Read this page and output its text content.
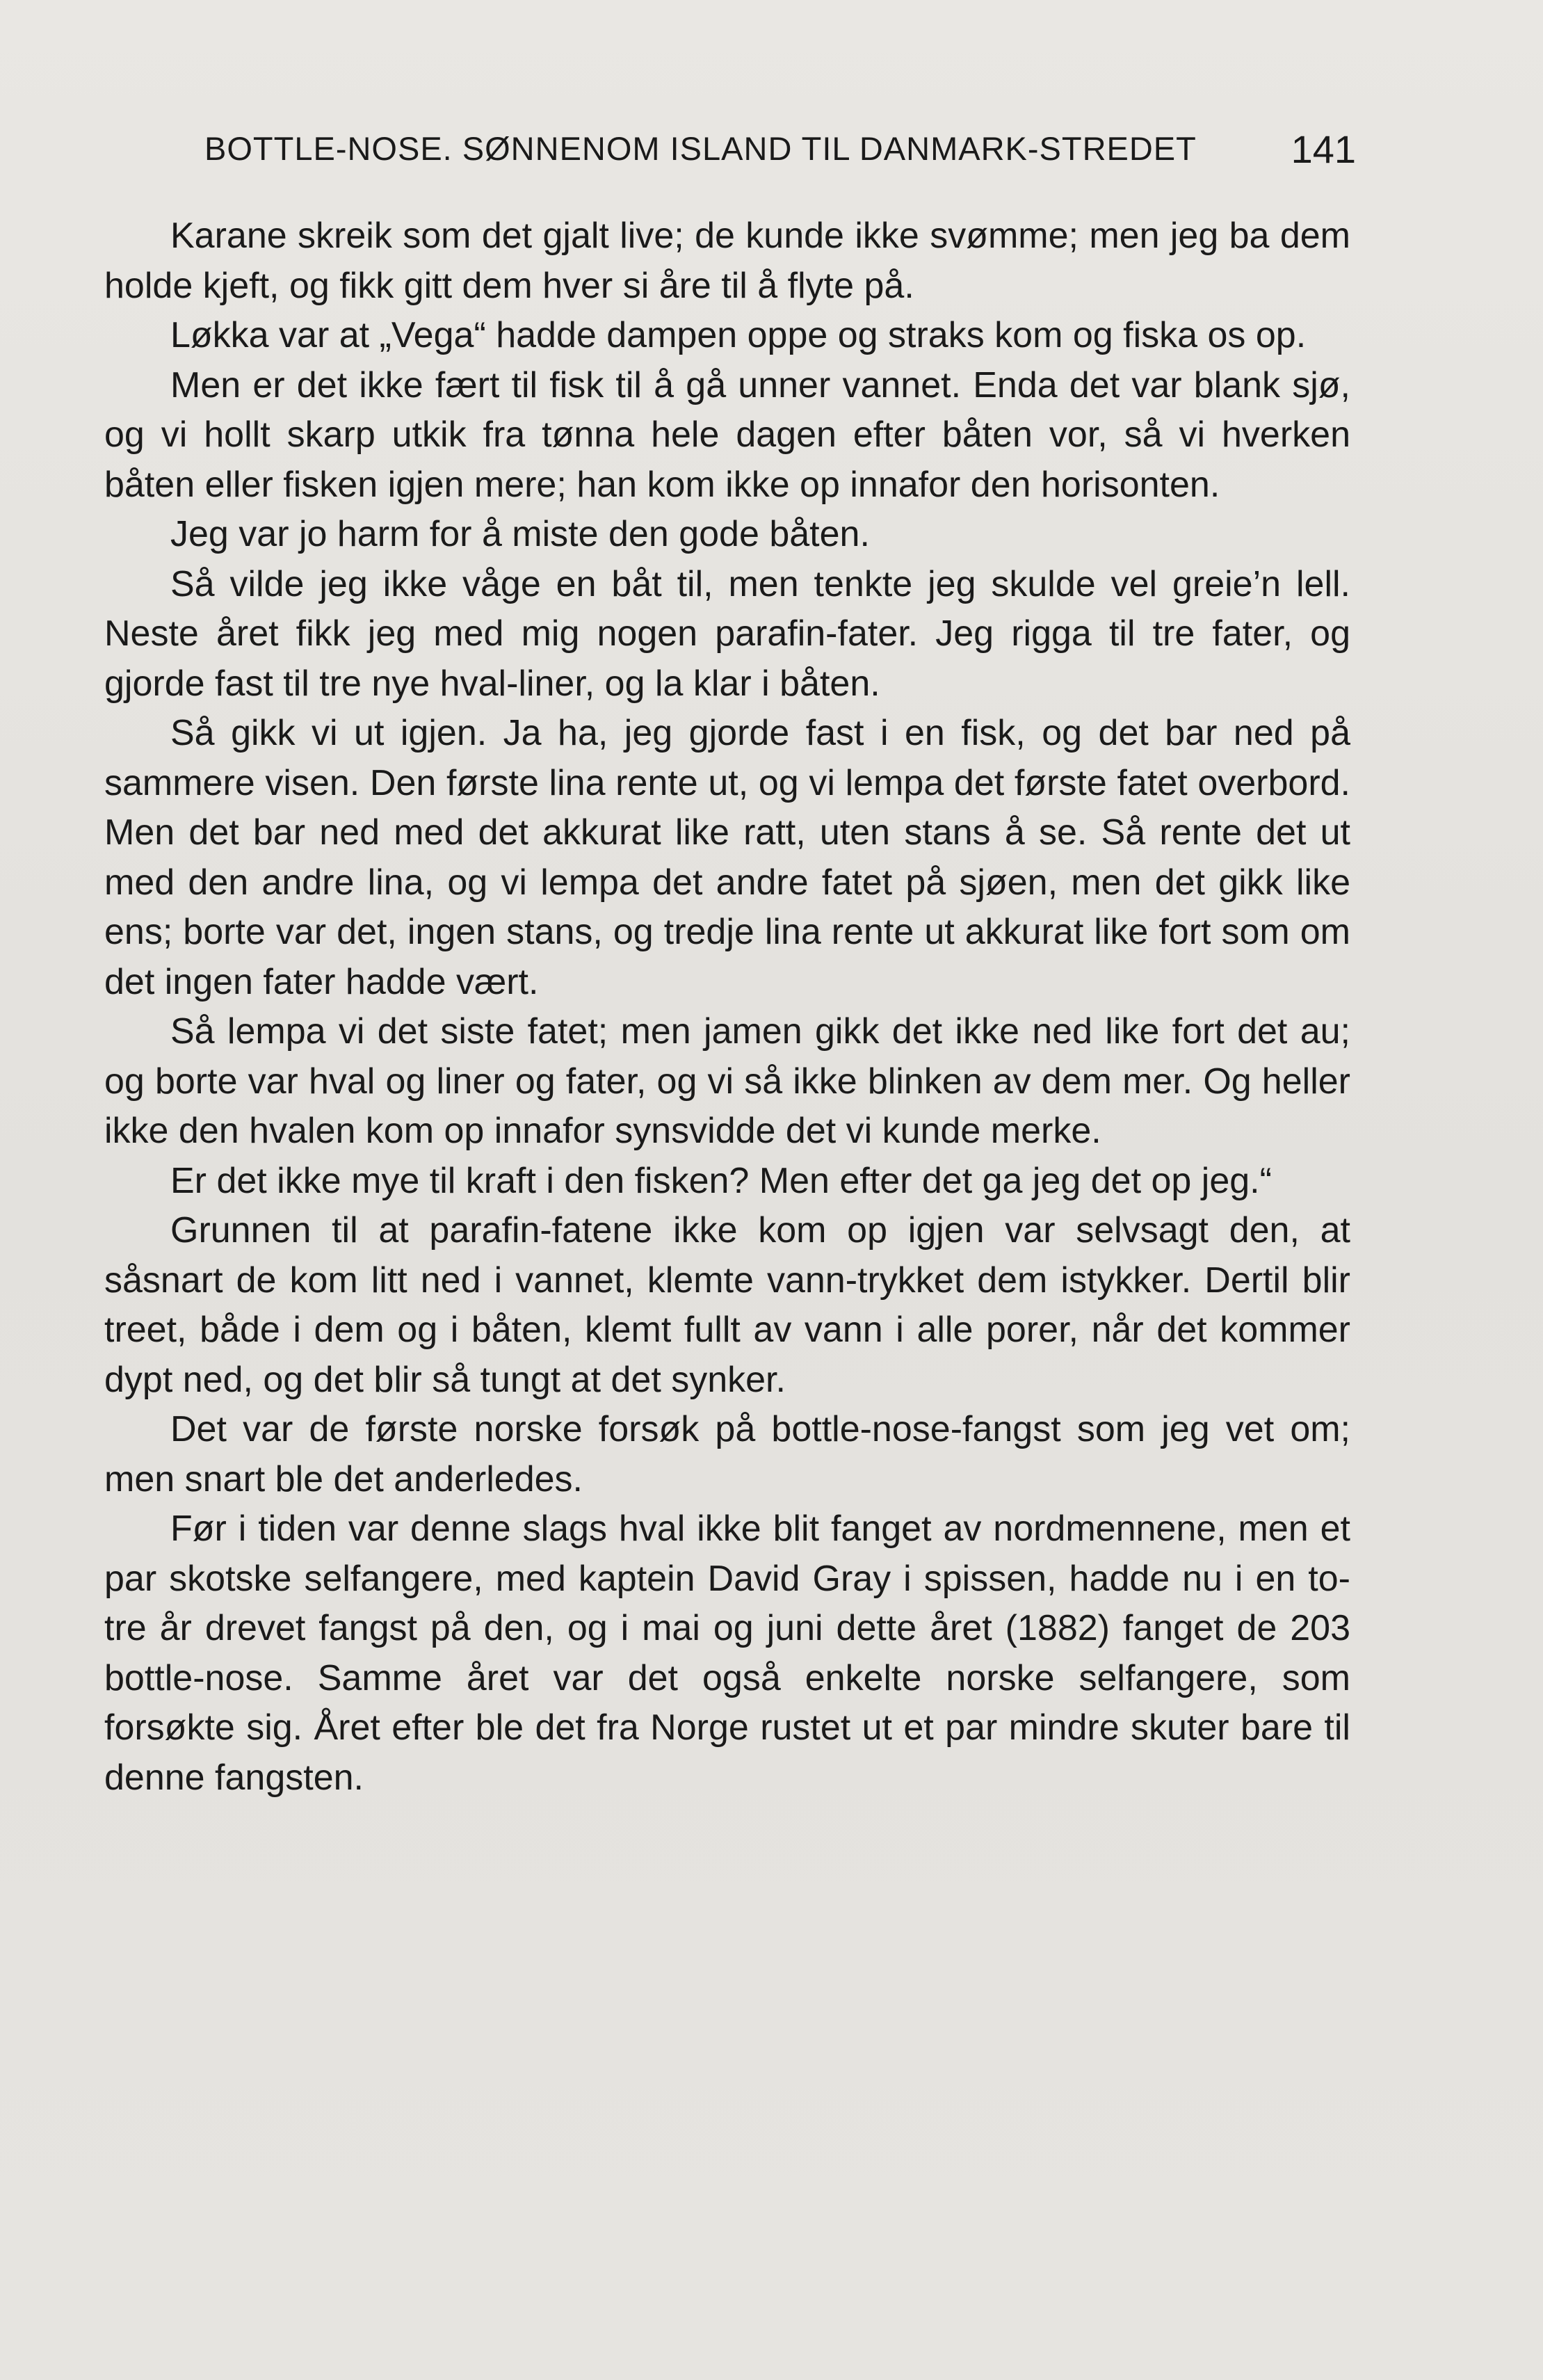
BOTTLE-NOSE. SØNNENOM ISLAND TIL DANMARK-STREDET 141

Karane skreik som det gjalt live; de kunde ikke svømme; men jeg ba dem holde kjeft, og fikk gitt dem hver si åre til å flyte på.

Løkka var at „Vega“ hadde dampen oppe og straks kom og fiska os op.

Men er det ikke fært til fisk til å gå unner vannet. Enda det var blank sjø, og vi hollt skarp utkik fra tønna hele dagen efter båten vor, så vi hverken båten eller fisken igjen mere; han kom ikke op innafor den horisonten.

Jeg var jo harm for å miste den gode båten.

Så vilde jeg ikke våge en båt til, men tenkte jeg skulde vel greie’n lell. Neste året fikk jeg med mig nogen parafin-fater. Jeg rigga til tre fater, og gjorde fast til tre nye hval-liner, og la klar i båten.

Så gikk vi ut igjen. Ja ha, jeg gjorde fast i en fisk, og det bar ned på sammere visen. Den første lina rente ut, og vi lempa det første fatet overbord. Men det bar ned med det akkurat like ratt, uten stans å se. Så rente det ut med den andre lina, og vi lempa det andre fatet på sjøen, men det gikk like ens; borte var det, ingen stans, og tredje lina rente ut akkurat like fort som om det ingen fater hadde vært.

Så lempa vi det siste fatet; men jamen gikk det ikke ned like fort det au; og borte var hval og liner og fater, og vi så ikke blinken av dem mer. Og heller ikke den hvalen kom op innafor synsvidde det vi kunde merke.

Er det ikke mye til kraft i den fisken? Men efter det ga jeg det op jeg.“

Grunnen til at parafin-fatene ikke kom op igjen var selvsagt den, at såsnart de kom litt ned i vannet, klemte vann-trykket dem istykker. Dertil blir treet, både i dem og i båten, klemt fullt av vann i alle porer, når det kommer dypt ned, og det blir så tungt at det synker.

Det var de første norske forsøk på bottle-nose-fangst som jeg vet om; men snart ble det anderledes.

Før i tiden var denne slags hval ikke blit fanget av nordmennene, men et par skotske selfangere, med kaptein David Gray i spissen, hadde nu i en to-tre år drevet fangst på den, og i mai og juni dette året (1882) fanget de 203 bottle-nose. Samme året var det også enkelte norske selfangere, som forsøkte sig. Året efter ble det fra Norge rustet ut et par mindre skuter bare til denne fangsten.
